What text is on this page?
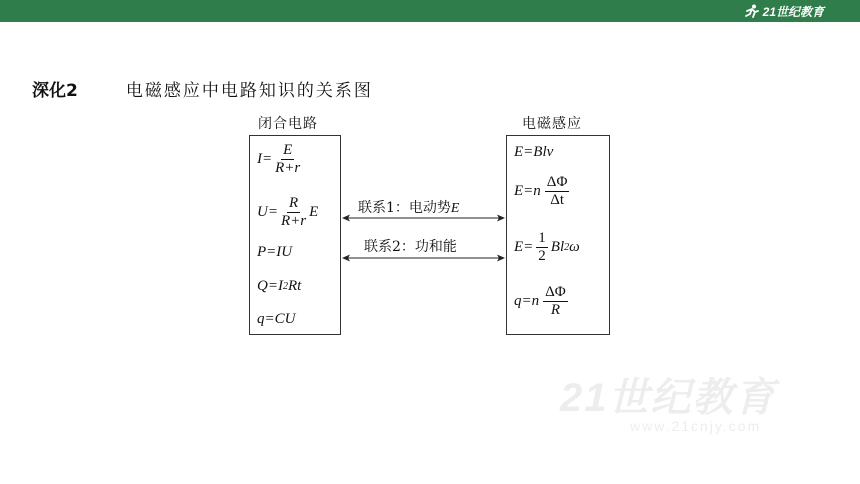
21世纪教育
深化2	电磁感应中电路知识的关系图
闭合电路
$I= \frac{E}{R+r}$
$U= \frac{R}{R+r}$ E
P=IU
Q=I 2 Rt
q=CU
电磁感应
E=Blv
$E=n \frac{\Delta\Phi}{\Delta t}$
$E= \frac{1}{2}$ Bl 2 ω
$q=n \frac{\Delta\Phi}{R}$
联系1：电动势E
联系2：功和能
21世纪教育
www.21cnjy.com
